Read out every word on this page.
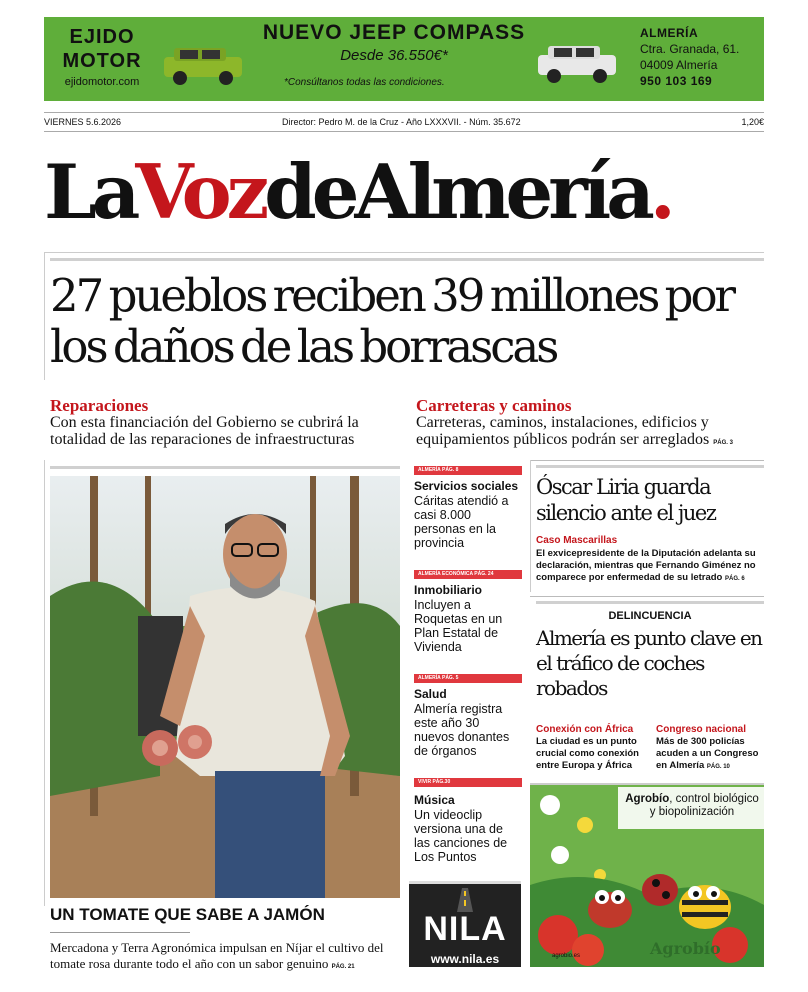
EJIDO
MOTOR
ejidomotor.com
NUEVO JEEP COMPASS
Desde 36.550€*
*Consúltanos todas las condiciones.
ALMERÍA
Ctra. Granada, 61.
04009 Almería
950 103 169
VIERNES 5.6.2026	Director: Pedro M. de la Cruz - Año LXXXVII. - Núm. 35.672	1,20€
LaVozdeAlmería.
27 pueblos reciben 39 millones por los daños de las borrascas
Reparaciones
Con esta financiación del Gobierno se cubrirá la totalidad de las reparaciones de infraestructuras
Carreteras y caminos
Carreteras, caminos, instalaciones, edificios y equipamientos públicos podrán ser arreglados PÁG. 3
UN TOMATE QUE SABE A JAMÓN
Mercadona y Terra Agronómica impulsan en Níjar el cultivo del tomate rosa durante todo el año con un sabor genuino PÁG. 21
ALMERÍA PÁG. 8
Servicios sociales
Cáritas atendió a casi 8.000 personas en la provincia
ALMERÍA ECONÓMICA PÁG. 24
Inmobiliario
Incluyen a Roquetas en un Plan Estatal de Vivienda
ALMERÍA PÁG. 5
Salud
Almería registra este año 30 nuevos donantes de órganos
VIVIR PÁG.30
Música
Un videoclip versiona una de las canciones de Los Puntos
NILA
www.nila.es
Óscar Liria guarda silencio ante el juez
Caso Mascarillas
El exvicepresidente de la Diputación adelanta su declaración, mientras que Fernando Giménez no comparece por enfermedad de su letrado PÁG. 6
DELINCUENCIA
Almería es punto clave en el tráfico de coches robados
Conexión con África
La ciudad es un punto crucial como conexión entre Europa y África
Congreso nacional
Más de 300 policías acuden a un Congreso en Almería PÁG. 10
Agrobío, control biológico y biopolinización
Agrobío
agrobio.es
